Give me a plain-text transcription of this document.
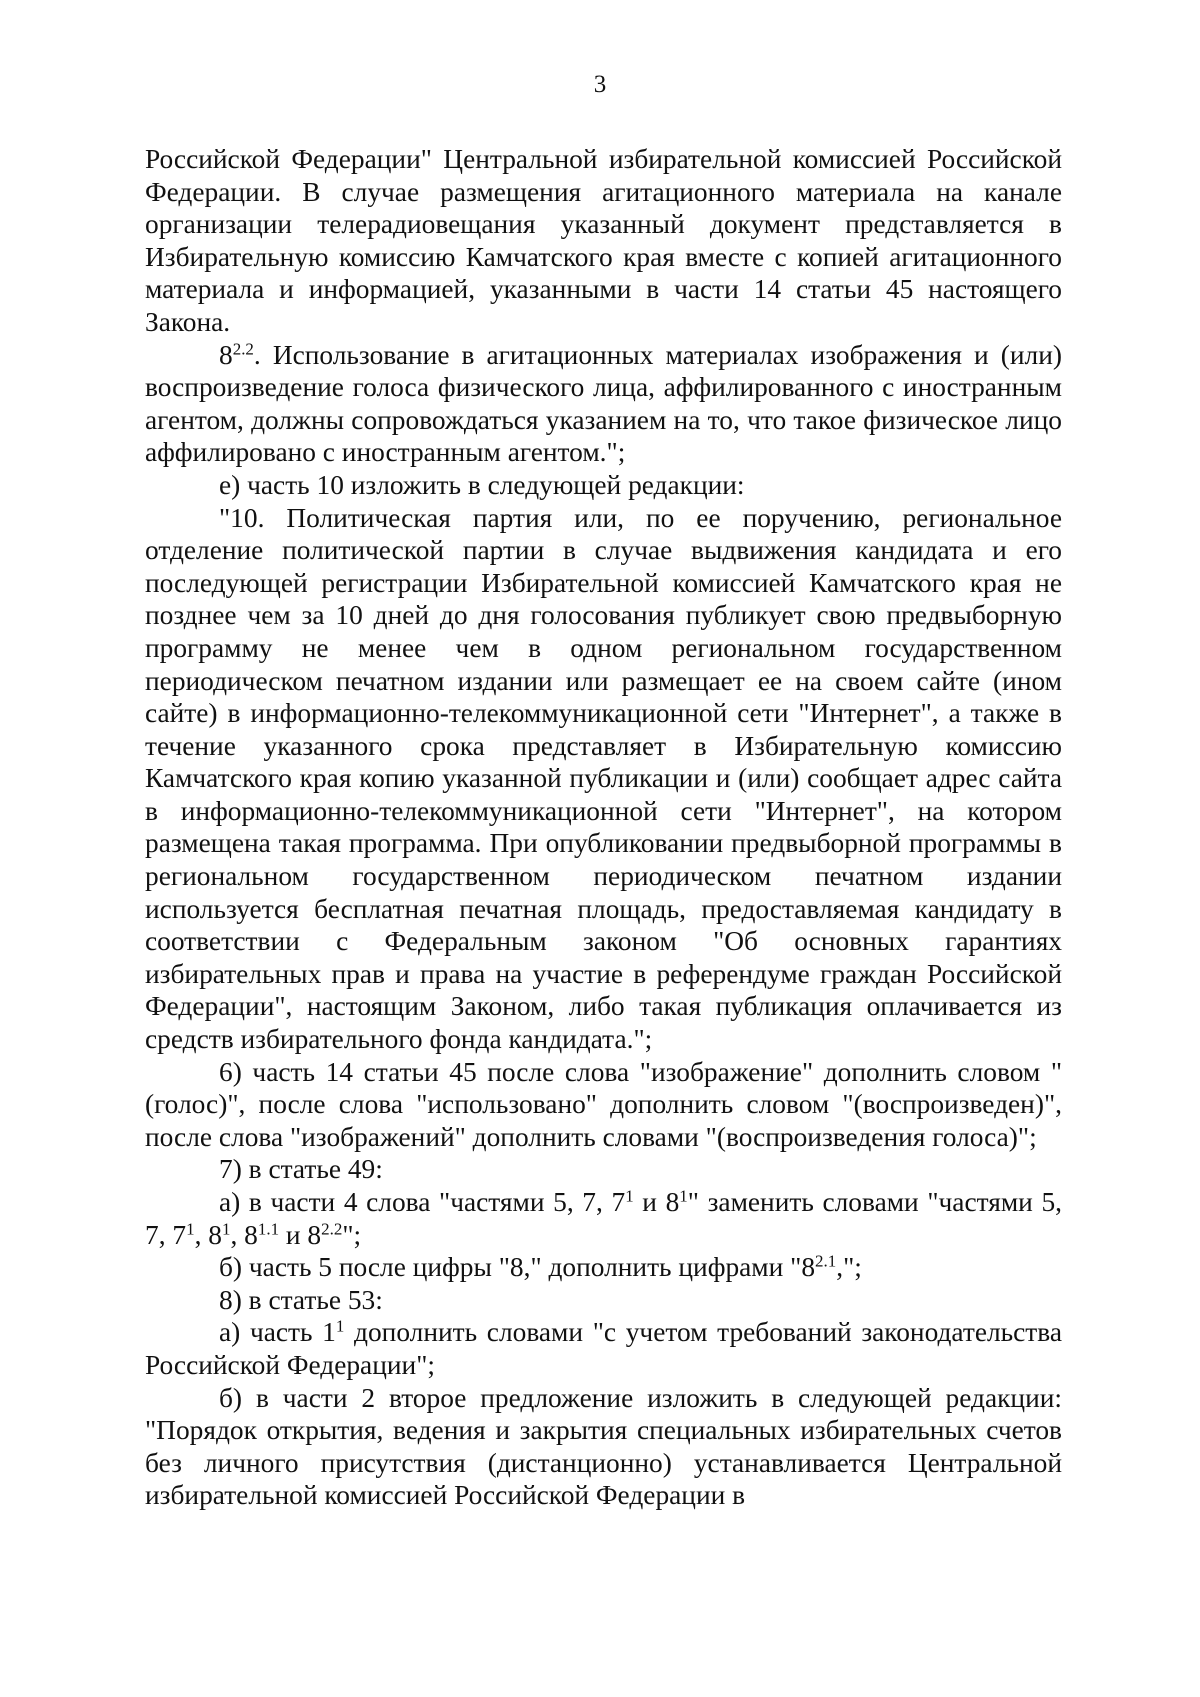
3

Российской Федерации" Центральной избирательной комиссией Российской Федерации. В случае размещения агитационного материала на канале организации телерадиовещания указанный документ представляется в Избирательную комиссию Камчатского края вместе с копией агитационного материала и информацией, указанными в части 14 статьи 45 настоящего Закона.

$8^{2.2}$. Использование в агитационных материалах изображения и (или) воспроизведение голоса физического лица, аффилированного с иностранным агентом, должны сопровождаться указанием на то, что такое физическое лицо аффилировано с иностранным агентом.";

е) часть 10 изложить в следующей редакции:

"10. Политическая партия или, по ее поручению, региональное отделение политической партии в случае выдвижения кандидата и его последующей регистрации Избирательной комиссией Камчатского края не позднее чем за 10 дней до дня голосования публикует свою предвыборную программу не менее чем в одном региональном государственном периодическом печатном издании или размещает ее на своем сайте (ином сайте) в информационно-телекоммуникационной сети "Интернет", а также в течение указанного срока представляет в Избирательную комиссию Камчатского края копию указанной публикации и (или) сообщает адрес сайта в информационно-телекоммуникационной сети "Интернет", на котором размещена такая программа. При опубликовании предвыборной программы в региональном государственном периодическом печатном издании используется бесплатная печатная площадь, предоставляемая кандидату в соответствии с Федеральным законом "Об основных гарантиях избирательных прав и права на участие в референдуме граждан Российской Федерации", настоящим Законом, либо такая публикация оплачивается из средств избирательного фонда кандидата.";

6) часть 14 статьи 45 после слова "изображение" дополнить словом "(голос)", после слова "использовано" дополнить словом "(воспроизведен)", после слова "изображений" дополнить словами "(воспроизведения голоса)";

7) в статье 49:

а) в части 4 слова "частями 5, 7, $7^1$ и $8^1$" заменить словами "частями 5, 7, $7^1$, $8^1$, $8^{1.1}$ и $8^{2.2}$";

б) часть 5 после цифры "8," дополнить цифрами "$8^{2.1}$,";

8) в статье 53:

а) часть $1^1$ дополнить словами "с учетом требований законодательства Российской Федерации";

б) в части 2 второе предложение изложить в следующей редакции: "Порядок открытия, ведения и закрытия специальных избирательных счетов без личного присутствия (дистанционно) устанавливается Центральной избирательной комиссией Российской Федерации в
